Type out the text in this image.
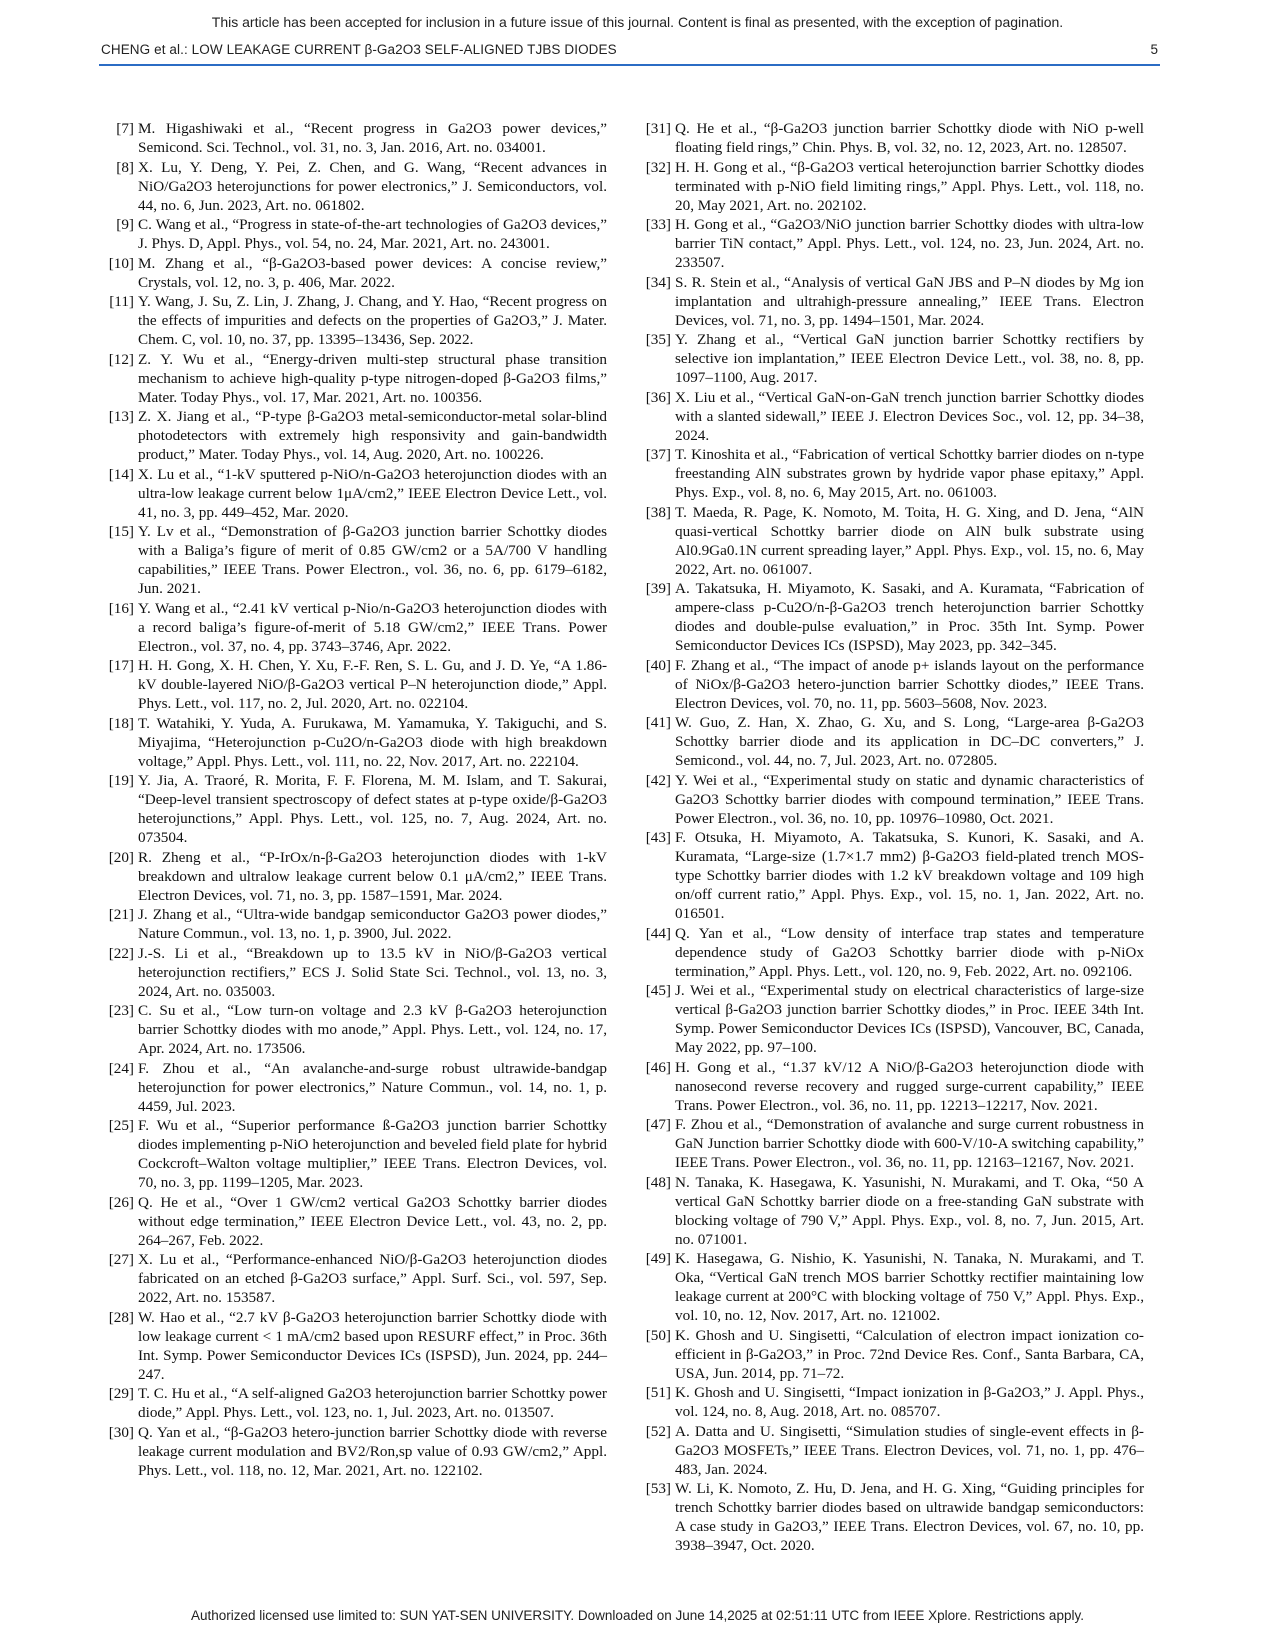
This article has been accepted for inclusion in a future issue of this journal. Content is final as presented, with the exception of pagination.
CHENG et al.: LOW LEAKAGE CURRENT β-Ga2O3 SELF-ALIGNED TJBS DIODES	5
[7] M. Higashiwaki et al., “Recent progress in Ga2O3 power devices,” Semicond. Sci. Technol., vol. 31, no. 3, Jan. 2016, Art. no. 034001.
[8] X. Lu, Y. Deng, Y. Pei, Z. Chen, and G. Wang, “Recent advances in NiO/Ga2O3 heterojunctions for power electronics,” J. Semiconductors, vol. 44, no. 6, Jun. 2023, Art. no. 061802.
[9] C. Wang et al., “Progress in state-of-the-art technologies of Ga2O3 devices,” J. Phys. D, Appl. Phys., vol. 54, no. 24, Mar. 2021, Art. no. 243001.
[10] M. Zhang et al., “β-Ga2O3-based power devices: A concise review,” Crystals, vol. 12, no. 3, p. 406, Mar. 2022.
[11] Y. Wang, J. Su, Z. Lin, J. Zhang, J. Chang, and Y. Hao, “Recent progress on the effects of impurities and defects on the properties of Ga2O3,” J. Mater. Chem. C, vol. 10, no. 37, pp. 13395–13436, Sep. 2022.
[12] Z. Y. Wu et al., “Energy-driven multi-step structural phase transition mechanism to achieve high-quality p-type nitrogen-doped β-Ga2O3 films,” Mater. Today Phys., vol. 17, Mar. 2021, Art. no. 100356.
[13] Z. X. Jiang et al., “P-type β-Ga2O3 metal-semiconductor-metal solar-blind photodetectors with extremely high responsivity and gain-bandwidth product,” Mater. Today Phys., vol. 14, Aug. 2020, Art. no. 100226.
[14] X. Lu et al., “1-kV sputtered p-NiO/n-Ga2O3 heterojunction diodes with an ultra-low leakage current below 1μA/cm2,” IEEE Electron Device Lett., vol. 41, no. 3, pp. 449–452, Mar. 2020.
[15] Y. Lv et al., “Demonstration of β-Ga2O3 junction barrier Schottky diodes with a Baliga’s figure of merit of 0.85 GW/cm2 or a 5A/700 V handling capabilities,” IEEE Trans. Power Electron., vol. 36, no. 6, pp. 6179–6182, Jun. 2021.
[16] Y. Wang et al., “2.41 kV vertical p-Nio/n-Ga2O3 heterojunction diodes with a record baliga’s figure-of-merit of 5.18 GW/cm2,” IEEE Trans. Power Electron., vol. 37, no. 4, pp. 3743–3746, Apr. 2022.
[17] H. H. Gong, X. H. Chen, Y. Xu, F.-F. Ren, S. L. Gu, and J. D. Ye, “A 1.86-kV double-layered NiO/β-Ga2O3 vertical P–N heterojunction diode,” Appl. Phys. Lett., vol. 117, no. 2, Jul. 2020, Art. no. 022104.
[18] T. Watahiki, Y. Yuda, A. Furukawa, M. Yamamuka, Y. Takiguchi, and S. Miyajima, “Heterojunction p-Cu2O/n-Ga2O3 diode with high breakdown voltage,” Appl. Phys. Lett., vol. 111, no. 22, Nov. 2017, Art. no. 222104.
[19] Y. Jia, A. Traoré, R. Morita, F. F. Florena, M. M. Islam, and T. Sakurai, “Deep-level transient spectroscopy of defect states at p-type oxide/β-Ga2O3 heterojunctions,” Appl. Phys. Lett., vol. 125, no. 7, Aug. 2024, Art. no. 073504.
[20] R. Zheng et al., “P-IrOx/n-β-Ga2O3 heterojunction diodes with 1-kV breakdown and ultralow leakage current below 0.1 μA/cm2,” IEEE Trans. Electron Devices, vol. 71, no. 3, pp. 1587–1591, Mar. 2024.
[21] J. Zhang et al., “Ultra-wide bandgap semiconductor Ga2O3 power diodes,” Nature Commun., vol. 13, no. 1, p. 3900, Jul. 2022.
[22] J.-S. Li et al., “Breakdown up to 13.5 kV in NiO/β-Ga2O3 vertical heterojunction rectifiers,” ECS J. Solid State Sci. Technol., vol. 13, no. 3, 2024, Art. no. 035003.
[23] C. Su et al., “Low turn-on voltage and 2.3 kV β-Ga2O3 heterojunction barrier Schottky diodes with mo anode,” Appl. Phys. Lett., vol. 124, no. 17, Apr. 2024, Art. no. 173506.
[24] F. Zhou et al., “An avalanche-and-surge robust ultrawide-bandgap heterojunction for power electronics,” Nature Commun., vol. 14, no. 1, p. 4459, Jul. 2023.
[25] F. Wu et al., “Superior performance ß-Ga2O3 junction barrier Schottky diodes implementing p-NiO heterojunction and beveled field plate for hybrid Cockcroft–Walton voltage multiplier,” IEEE Trans. Electron Devices, vol. 70, no. 3, pp. 1199–1205, Mar. 2023.
[26] Q. He et al., “Over 1 GW/cm2 vertical Ga2O3 Schottky barrier diodes without edge termination,” IEEE Electron Device Lett., vol. 43, no. 2, pp. 264–267, Feb. 2022.
[27] X. Lu et al., “Performance-enhanced NiO/β-Ga2O3 heterojunction diodes fabricated on an etched β-Ga2O3 surface,” Appl. Surf. Sci., vol. 597, Sep. 2022, Art. no. 153587.
[28] W. Hao et al., “2.7 kV β-Ga2O3 heterojunction barrier Schottky diode with low leakage current < 1 mA/cm2 based upon RESURF effect,” in Proc. 36th Int. Symp. Power Semiconductor Devices ICs (ISPSD), Jun. 2024, pp. 244–247.
[29] T. C. Hu et al., “A self-aligned Ga2O3 heterojunction barrier Schottky power diode,” Appl. Phys. Lett., vol. 123, no. 1, Jul. 2023, Art. no. 013507.
[30] Q. Yan et al., “β-Ga2O3 hetero-junction barrier Schottky diode with reverse leakage current modulation and BV2/Ron,sp value of 0.93 GW/cm2,” Appl. Phys. Lett., vol. 118, no. 12, Mar. 2021, Art. no. 122102.
[31] Q. He et al., “β-Ga2O3 junction barrier Schottky diode with NiO p-well floating field rings,” Chin. Phys. B, vol. 32, no. 12, 2023, Art. no. 128507.
[32] H. H. Gong et al., “β-Ga2O3 vertical heterojunction barrier Schottky diodes terminated with p-NiO field limiting rings,” Appl. Phys. Lett., vol. 118, no. 20, May 2021, Art. no. 202102.
[33] H. Gong et al., “Ga2O3/NiO junction barrier Schottky diodes with ultra-low barrier TiN contact,” Appl. Phys. Lett., vol. 124, no. 23, Jun. 2024, Art. no. 233507.
[34] S. R. Stein et al., “Analysis of vertical GaN JBS and P–N diodes by Mg ion implantation and ultrahigh-pressure annealing,” IEEE Trans. Electron Devices, vol. 71, no. 3, pp. 1494–1501, Mar. 2024.
[35] Y. Zhang et al., “Vertical GaN junction barrier Schottky rectifiers by selective ion implantation,” IEEE Electron Device Lett., vol. 38, no. 8, pp. 1097–1100, Aug. 2017.
[36] X. Liu et al., “Vertical GaN-on-GaN trench junction barrier Schottky diodes with a slanted sidewall,” IEEE J. Electron Devices Soc., vol. 12, pp. 34–38, 2024.
[37] T. Kinoshita et al., “Fabrication of vertical Schottky barrier diodes on n-type freestanding AlN substrates grown by hydride vapor phase epitaxy,” Appl. Phys. Exp., vol. 8, no. 6, May 2015, Art. no. 061003.
[38] T. Maeda, R. Page, K. Nomoto, M. Toita, H. G. Xing, and D. Jena, “AlN quasi-vertical Schottky barrier diode on AlN bulk substrate using Al0.9Ga0.1N current spreading layer,” Appl. Phys. Exp., vol. 15, no. 6, May 2022, Art. no. 061007.
[39] A. Takatsuka, H. Miyamoto, K. Sasaki, and A. Kuramata, “Fabrication of ampere-class p-Cu2O/n-β-Ga2O3 trench heterojunction barrier Schottky diodes and double-pulse evaluation,” in Proc. 35th Int. Symp. Power Semiconductor Devices ICs (ISPSD), May 2023, pp. 342–345.
[40] F. Zhang et al., “The impact of anode p+ islands layout on the performance of NiOx/β-Ga2O3 hetero-junction barrier Schottky diodes,” IEEE Trans. Electron Devices, vol. 70, no. 11, pp. 5603–5608, Nov. 2023.
[41] W. Guo, Z. Han, X. Zhao, G. Xu, and S. Long, “Large-area β-Ga2O3 Schottky barrier diode and its application in DC–DC converters,” J. Semicond., vol. 44, no. 7, Jul. 2023, Art. no. 072805.
[42] Y. Wei et al., “Experimental study on static and dynamic characteristics of Ga2O3 Schottky barrier diodes with compound termination,” IEEE Trans. Power Electron., vol. 36, no. 10, pp. 10976–10980, Oct. 2021.
[43] F. Otsuka, H. Miyamoto, A. Takatsuka, S. Kunori, K. Sasaki, and A. Kuramata, “Large-size (1.7×1.7 mm2) β-Ga2O3 field-plated trench MOS-type Schottky barrier diodes with 1.2 kV breakdown voltage and 109 high on/off current ratio,” Appl. Phys. Exp., vol. 15, no. 1, Jan. 2022, Art. no. 016501.
[44] Q. Yan et al., “Low density of interface trap states and temperature dependence study of Ga2O3 Schottky barrier diode with p-NiOx termination,” Appl. Phys. Lett., vol. 120, no. 9, Feb. 2022, Art. no. 092106.
[45] J. Wei et al., “Experimental study on electrical characteristics of large-size vertical β-Ga2O3 junction barrier Schottky diodes,” in Proc. IEEE 34th Int. Symp. Power Semiconductor Devices ICs (ISPSD), Vancouver, BC, Canada, May 2022, pp. 97–100.
[46] H. Gong et al., “1.37 kV/12 A NiO/β-Ga2O3 heterojunction diode with nanosecond reverse recovery and rugged surge-current capability,” IEEE Trans. Power Electron., vol. 36, no. 11, pp. 12213–12217, Nov. 2021.
[47] F. Zhou et al., “Demonstration of avalanche and surge current robustness in GaN Junction barrier Schottky diode with 600-V/10-A switching capability,” IEEE Trans. Power Electron., vol. 36, no. 11, pp. 12163–12167, Nov. 2021.
[48] N. Tanaka, K. Hasegawa, K. Yasunishi, N. Murakami, and T. Oka, “50 A vertical GaN Schottky barrier diode on a free-standing GaN substrate with blocking voltage of 790 V,” Appl. Phys. Exp., vol. 8, no. 7, Jun. 2015, Art. no. 071001.
[49] K. Hasegawa, G. Nishio, K. Yasunishi, N. Tanaka, N. Murakami, and T. Oka, “Vertical GaN trench MOS barrier Schottky rectifier maintaining low leakage current at 200°C with blocking voltage of 750 V,” Appl. Phys. Exp., vol. 10, no. 12, Nov. 2017, Art. no. 121002.
[50] K. Ghosh and U. Singisetti, “Calculation of electron impact ionization co-efficient in β-Ga2O3,” in Proc. 72nd Device Res. Conf., Santa Barbara, CA, USA, Jun. 2014, pp. 71–72.
[51] K. Ghosh and U. Singisetti, “Impact ionization in β-Ga2O3,” J. Appl. Phys., vol. 124, no. 8, Aug. 2018, Art. no. 085707.
[52] A. Datta and U. Singisetti, “Simulation studies of single-event effects in β-Ga2O3 MOSFETs,” IEEE Trans. Electron Devices, vol. 71, no. 1, pp. 476–483, Jan. 2024.
[53] W. Li, K. Nomoto, Z. Hu, D. Jena, and H. G. Xing, “Guiding principles for trench Schottky barrier diodes based on ultrawide bandgap semiconductors: A case study in Ga2O3,” IEEE Trans. Electron Devices, vol. 67, no. 10, pp. 3938–3947, Oct. 2020.
Authorized licensed use limited to: SUN YAT-SEN UNIVERSITY. Downloaded on June 14,2025 at 02:51:11 UTC from IEEE Xplore. Restrictions apply.
